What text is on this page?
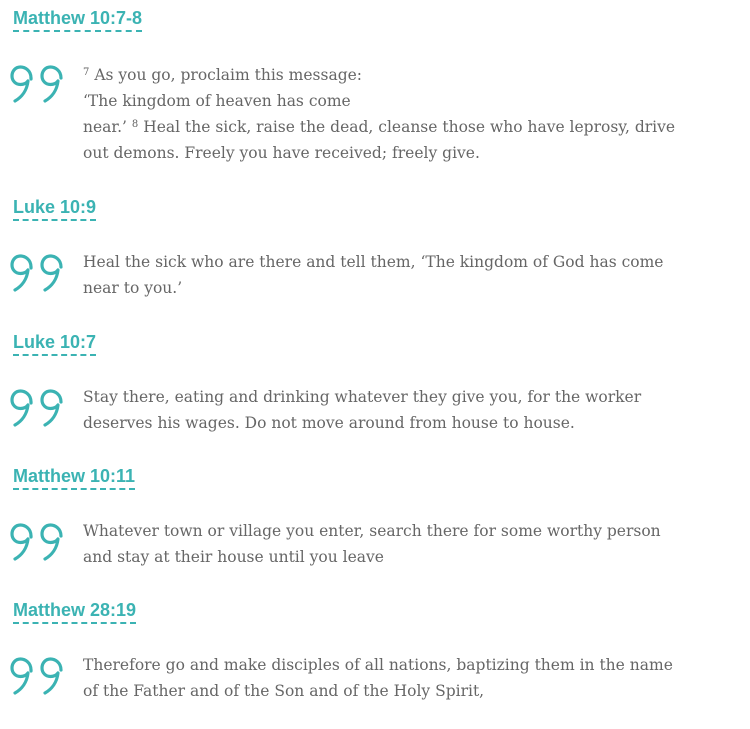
Matthew 10:7-8
$^7$ As you go, proclaim this message:
‘The kingdom of heaven has come
near.’ $^8$ Heal the sick, raise the dead, cleanse those who have leprosy, drive
out demons. Freely you have received; freely give.
Luke 10:9
Heal the sick who are there and tell them, ‘The kingdom of God has come
near to you.’
Luke 10:7
Stay there, eating and drinking whatever they give you, for the worker
deserves his wages. Do not move around from house to house.
Matthew 10:11
Whatever town or village you enter, search there for some worthy person
and stay at their house until you leave
Matthew 28:19
Therefore go and make disciples of all nations, baptizing them in the name
of the Father and of the Son and of the Holy Spirit,
